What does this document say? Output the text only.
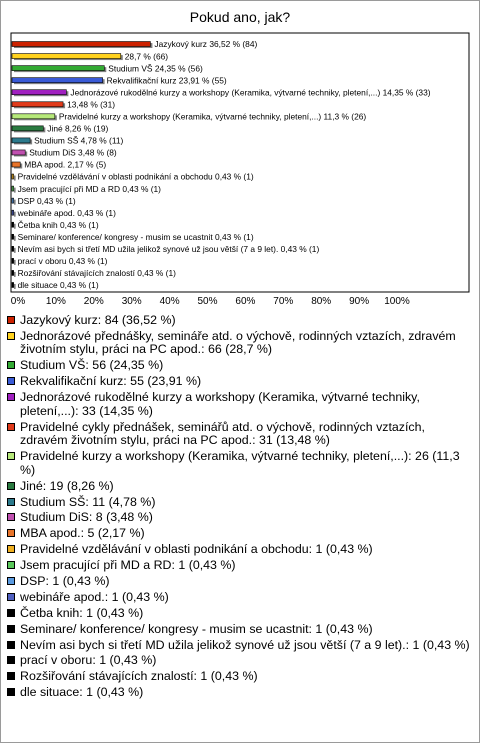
Pokud ano, jak?
Jazykový kurz 36,52 % (84)
28,7 % (66)
Studium VŠ 24,35 % (56)
Rekvalifikační kurz 23,91 % (55)
Jednorázové rukodělné kurzy a workshopy (Keramika, výtvarné techniky, pletení,...) 14,35 % (33)
13,48 % (31)
Pravidelné kurzy a workshopy (Keramika, výtvarné techniky, pletení,...) 11,3 % (26)
Jiné 8,26 % (19)
Studium SŠ 4,78 % (11)
Studium DiS 3,48 % (8)
MBA apod. 2,17 % (5)
Pravidelné vzdělávání v oblasti podnikání a obchodu 0,43 % (1)
Jsem pracující při MD a RD 0,43 % (1)
DSP 0,43 % (1)
webináře apod. 0,43 % (1)
Četba knih 0,43 % (1)
Seminare/ konference/ kongresy - musim se ucastnit 0,43 % (1)
Nevím asi bych si třetí MD užila jelikož synové už jsou větší (7 a 9 let). 0,43 % (1)
prací v oboru 0,43 % (1)
Rozšiřování stávajících znalostí 0,43 % (1)
dle situace 0,43 % (1)
0% 10% 20% 30% 40% 50% 60% 70% 80% 90% 100%
Jazykový kurz: 84 (36,52 %)
Jednorázové přednášky, semináře atd. o výchově, rodinných vztazích, zdravém životním stylu, práci na PC apod.: 66 (28,7 %)
Studium VŠ: 56 (24,35 %)
Rekvalifikační kurz: 55 (23,91 %)
Jednorázové rukodělné kurzy a workshopy (Keramika, výtvarné techniky, pletení,...): 33 (14,35 %)
Pravidelné cykly přednášek, seminářů atd. o výchově, rodinných vztazích, zdravém životním stylu, práci na PC apod.: 31 (13,48 %)
Pravidelné kurzy a workshopy (Keramika, výtvarné techniky, pletení,...): 26 (11,3 %)
Jiné: 19 (8,26 %)
Studium SŠ: 11 (4,78 %)
Studium DiS: 8 (3,48 %)
MBA apod.: 5 (2,17 %)
Pravidelné vzdělávání v oblasti podnikání a obchodu: 1 (0,43 %)
Jsem pracující při MD a RD: 1 (0,43 %)
DSP: 1 (0,43 %)
webináře apod.: 1 (0,43 %)
Četba knih: 1 (0,43 %)
Seminare/ konference/ kongresy - musim se ucastnit: 1 (0,43 %)
Nevím asi bych si třetí MD užila jelikož synové už jsou větší (7 a 9 let).: 1 (0,43 %)
prací v oboru: 1 (0,43 %)
Rozšiřování stávajících znalostí: 1 (0,43 %)
dle situace: 1 (0,43 %)
